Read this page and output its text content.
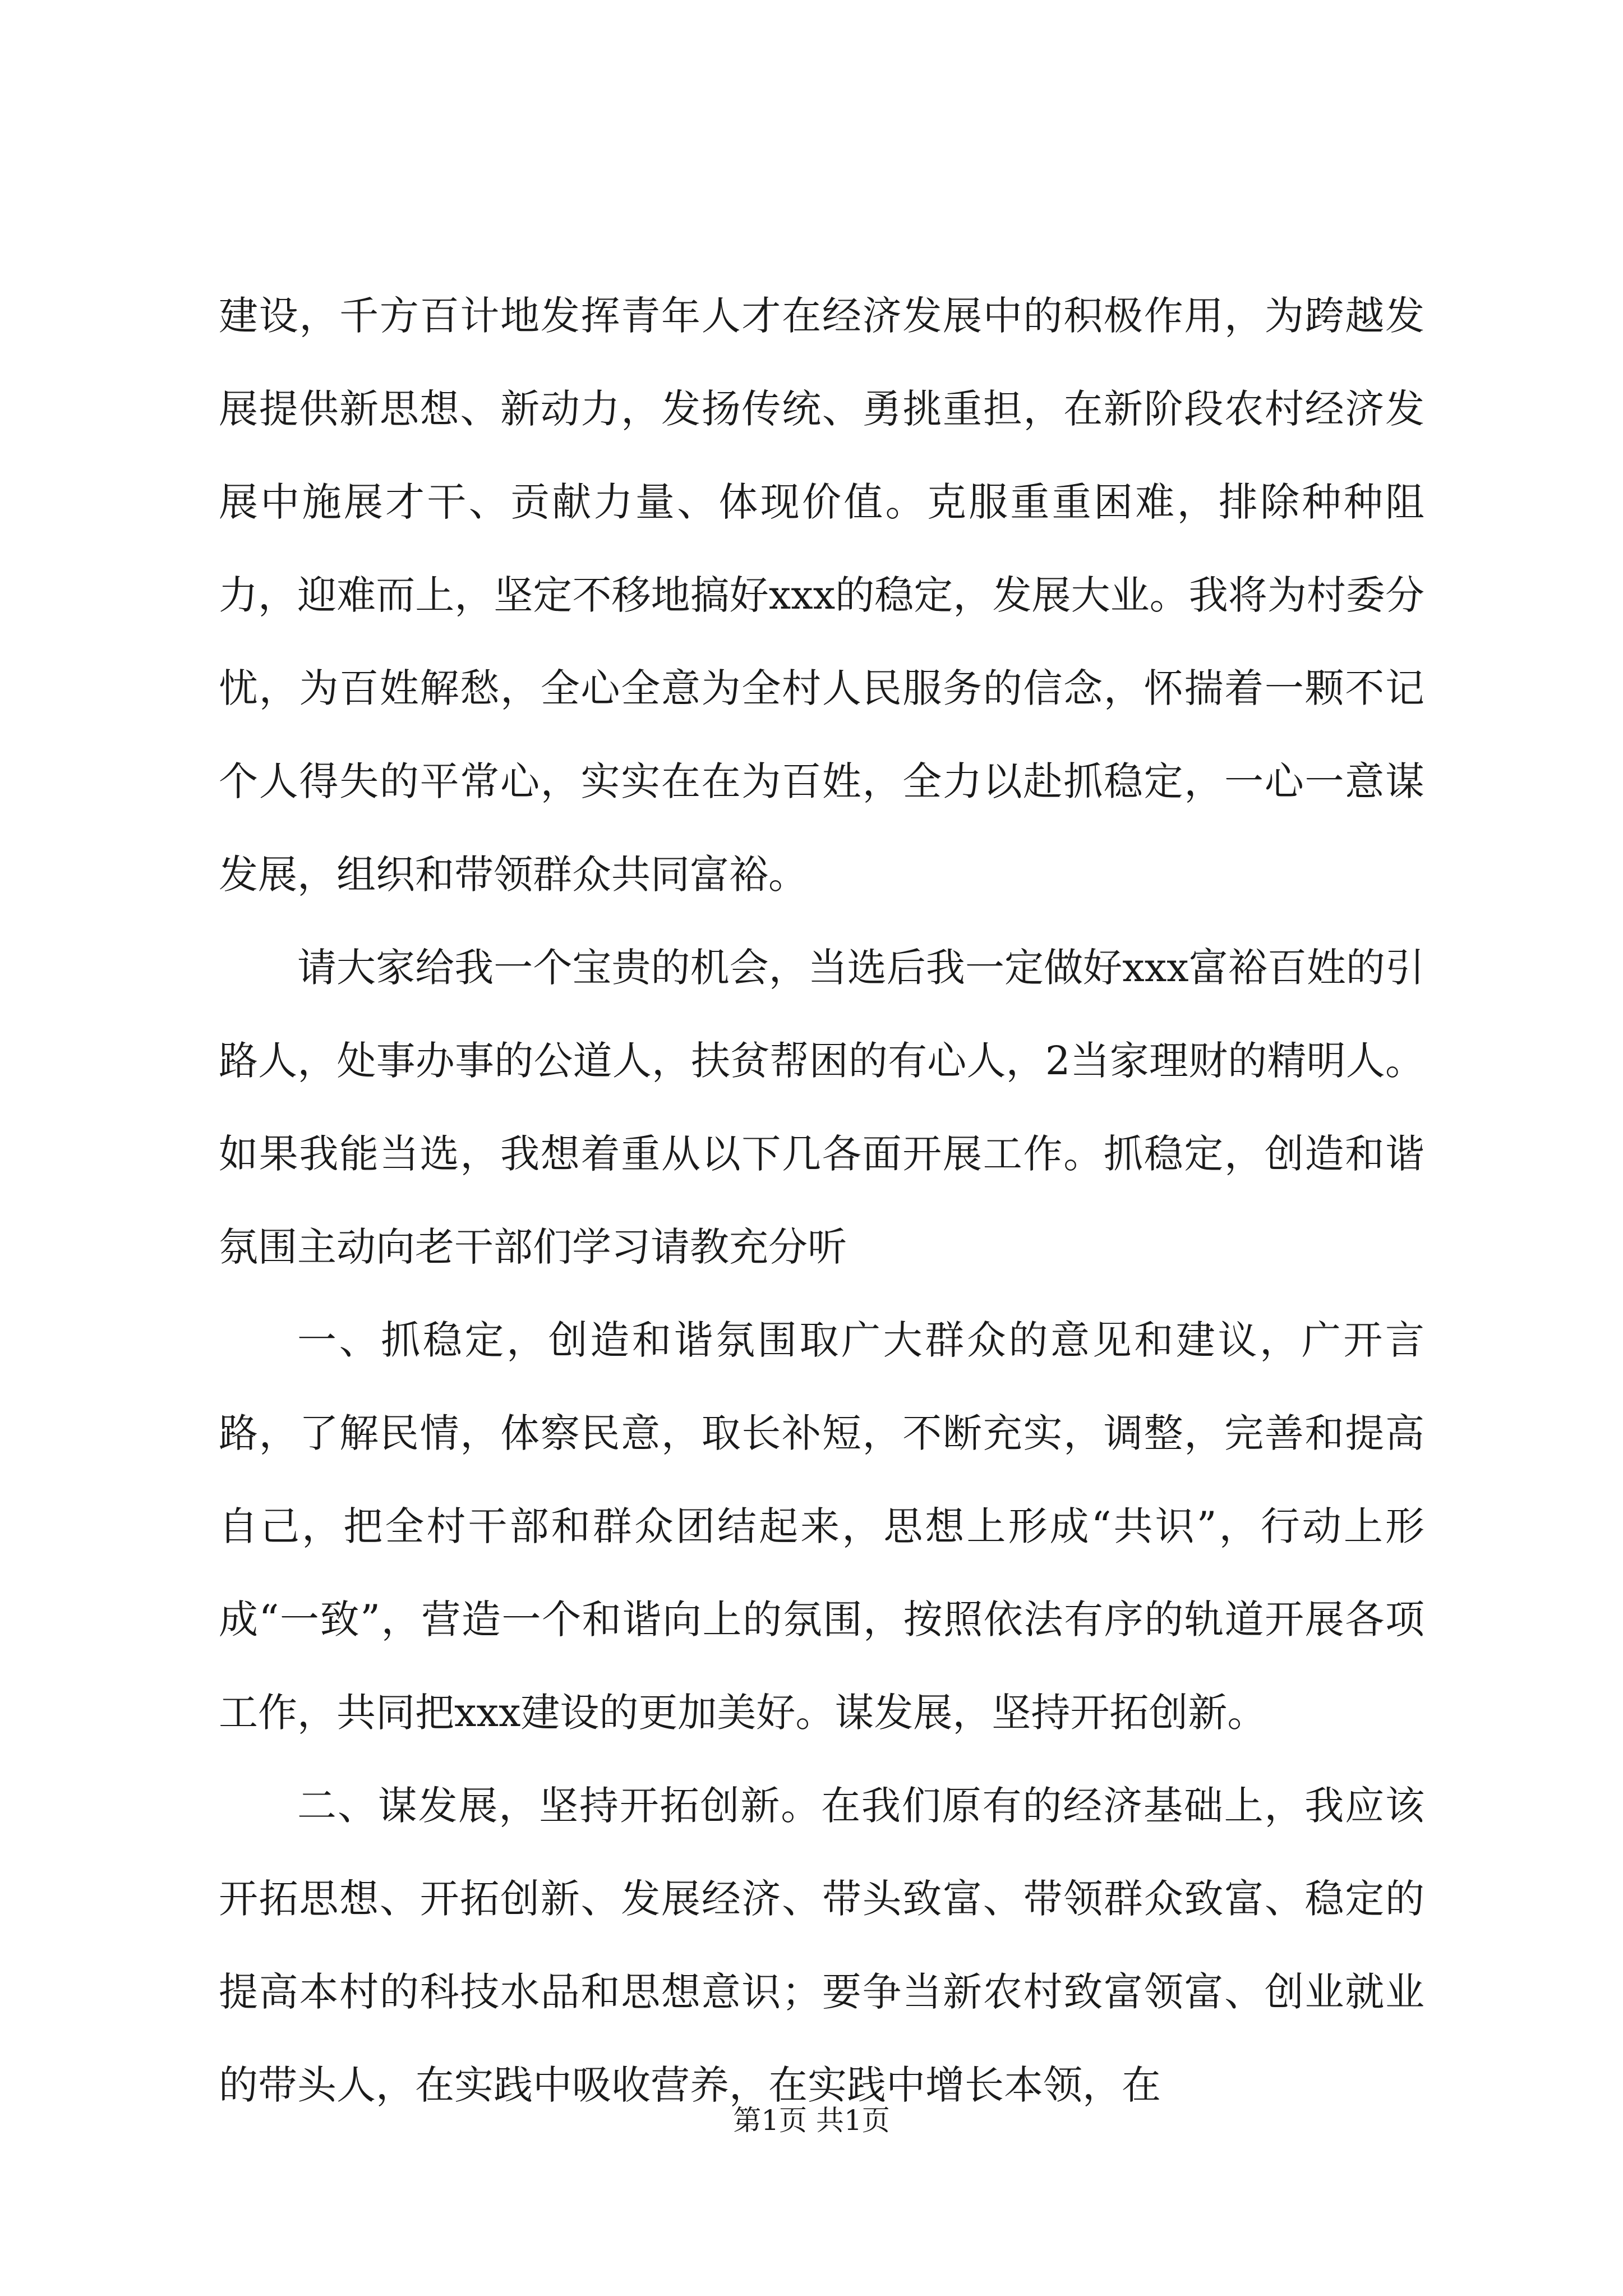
建设，千方百计地发挥青年人才在经济发展中的积极作用，为跨越发展提供新思想、新动力，发扬传统、勇挑重担，在新阶段农村经济发展中施展才干、贡献力量、体现价值。克服重重困难，排除种种阻力，迎难而上，坚定不移地搞好xxx的稳定，发展大业。我将为村委分忧，为百姓解愁，全心全意为全村人民服务的信念，怀揣着一颗不记个人得失的平常心，实实在在为百姓，全力以赴抓稳定，一心一意谋发展，组织和带领群众共同富裕。

请大家给我一个宝贵的机会，当选后我一定做好xxx富裕百姓的引路人，处事办事的公道人，扶贫帮困的有心人，2当家理财的精明人。如果我能当选，我想着重从以下几各面开展工作。抓稳定，创造和谐氛围主动向老干部们学习请教充分听

一、抓稳定，创造和谐氛围取广大群众的意见和建议，广开言路，了解民情，体察民意，取长补短，不断充实，调整，完善和提高自己，把全村干部和群众团结起来，思想上形成“共识”，行动上形成“一致”，营造一个和谐向上的氛围，按照依法有序的轨道开展各项工作，共同把xxx建设的更加美好。谋发展，坚持开拓创新。

二、谋发展，坚持开拓创新。在我们原有的经济基础上，我应该开拓思想、开拓创新、发展经济、带头致富、带领群众致富、稳定的提高本村的科技水品和思想意识；要争当新农村致富领富、创业就业的带头人，在实践中吸收营养，在实践中增长本领，在

第1页 共1页
